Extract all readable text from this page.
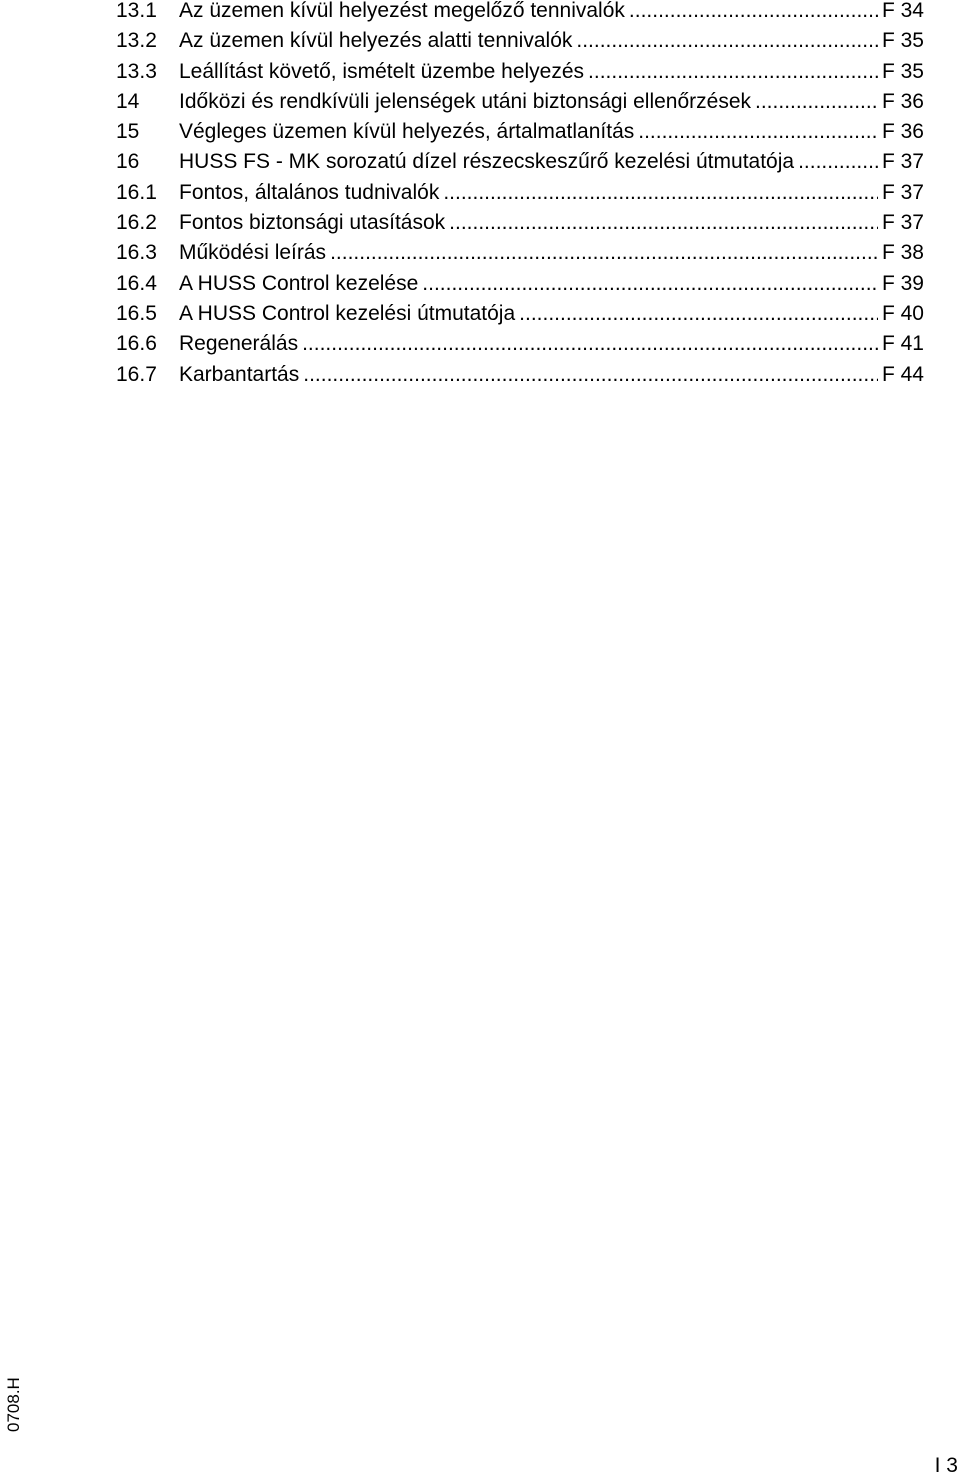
13.1	Az üzemen kívül helyezést megelőző tennivalók .....	F 34
13.2	Az üzemen kívül helyezés alatti tennivalók .....	F 35
13.3	Leállítást követő, ismételt üzembe helyezés .....	F 35
14	Időközi és rendkívüli jelenségek utáni biztonsági ellenőrzések .....	F 36
15	Végleges üzemen kívül helyezés, ártalmatlanítás .....	F 36
16	HUSS FS - MK sorozatú dízel részecskeszűrő kezelési útmutatója .....	F 37
16.1	Fontos, általános tudnivalók .....	F 37
16.2	Fontos biztonsági utasítások .....	F 37
16.3	Működési leírás .....	F 38
16.4	A HUSS Control kezelése .....	F 39
16.5	A HUSS Control kezelési útmutatója .....	F 40
16.6	Regenerálás .....	F 41
16.7	Karbantartás .....	F 44
0708.H
I 3
